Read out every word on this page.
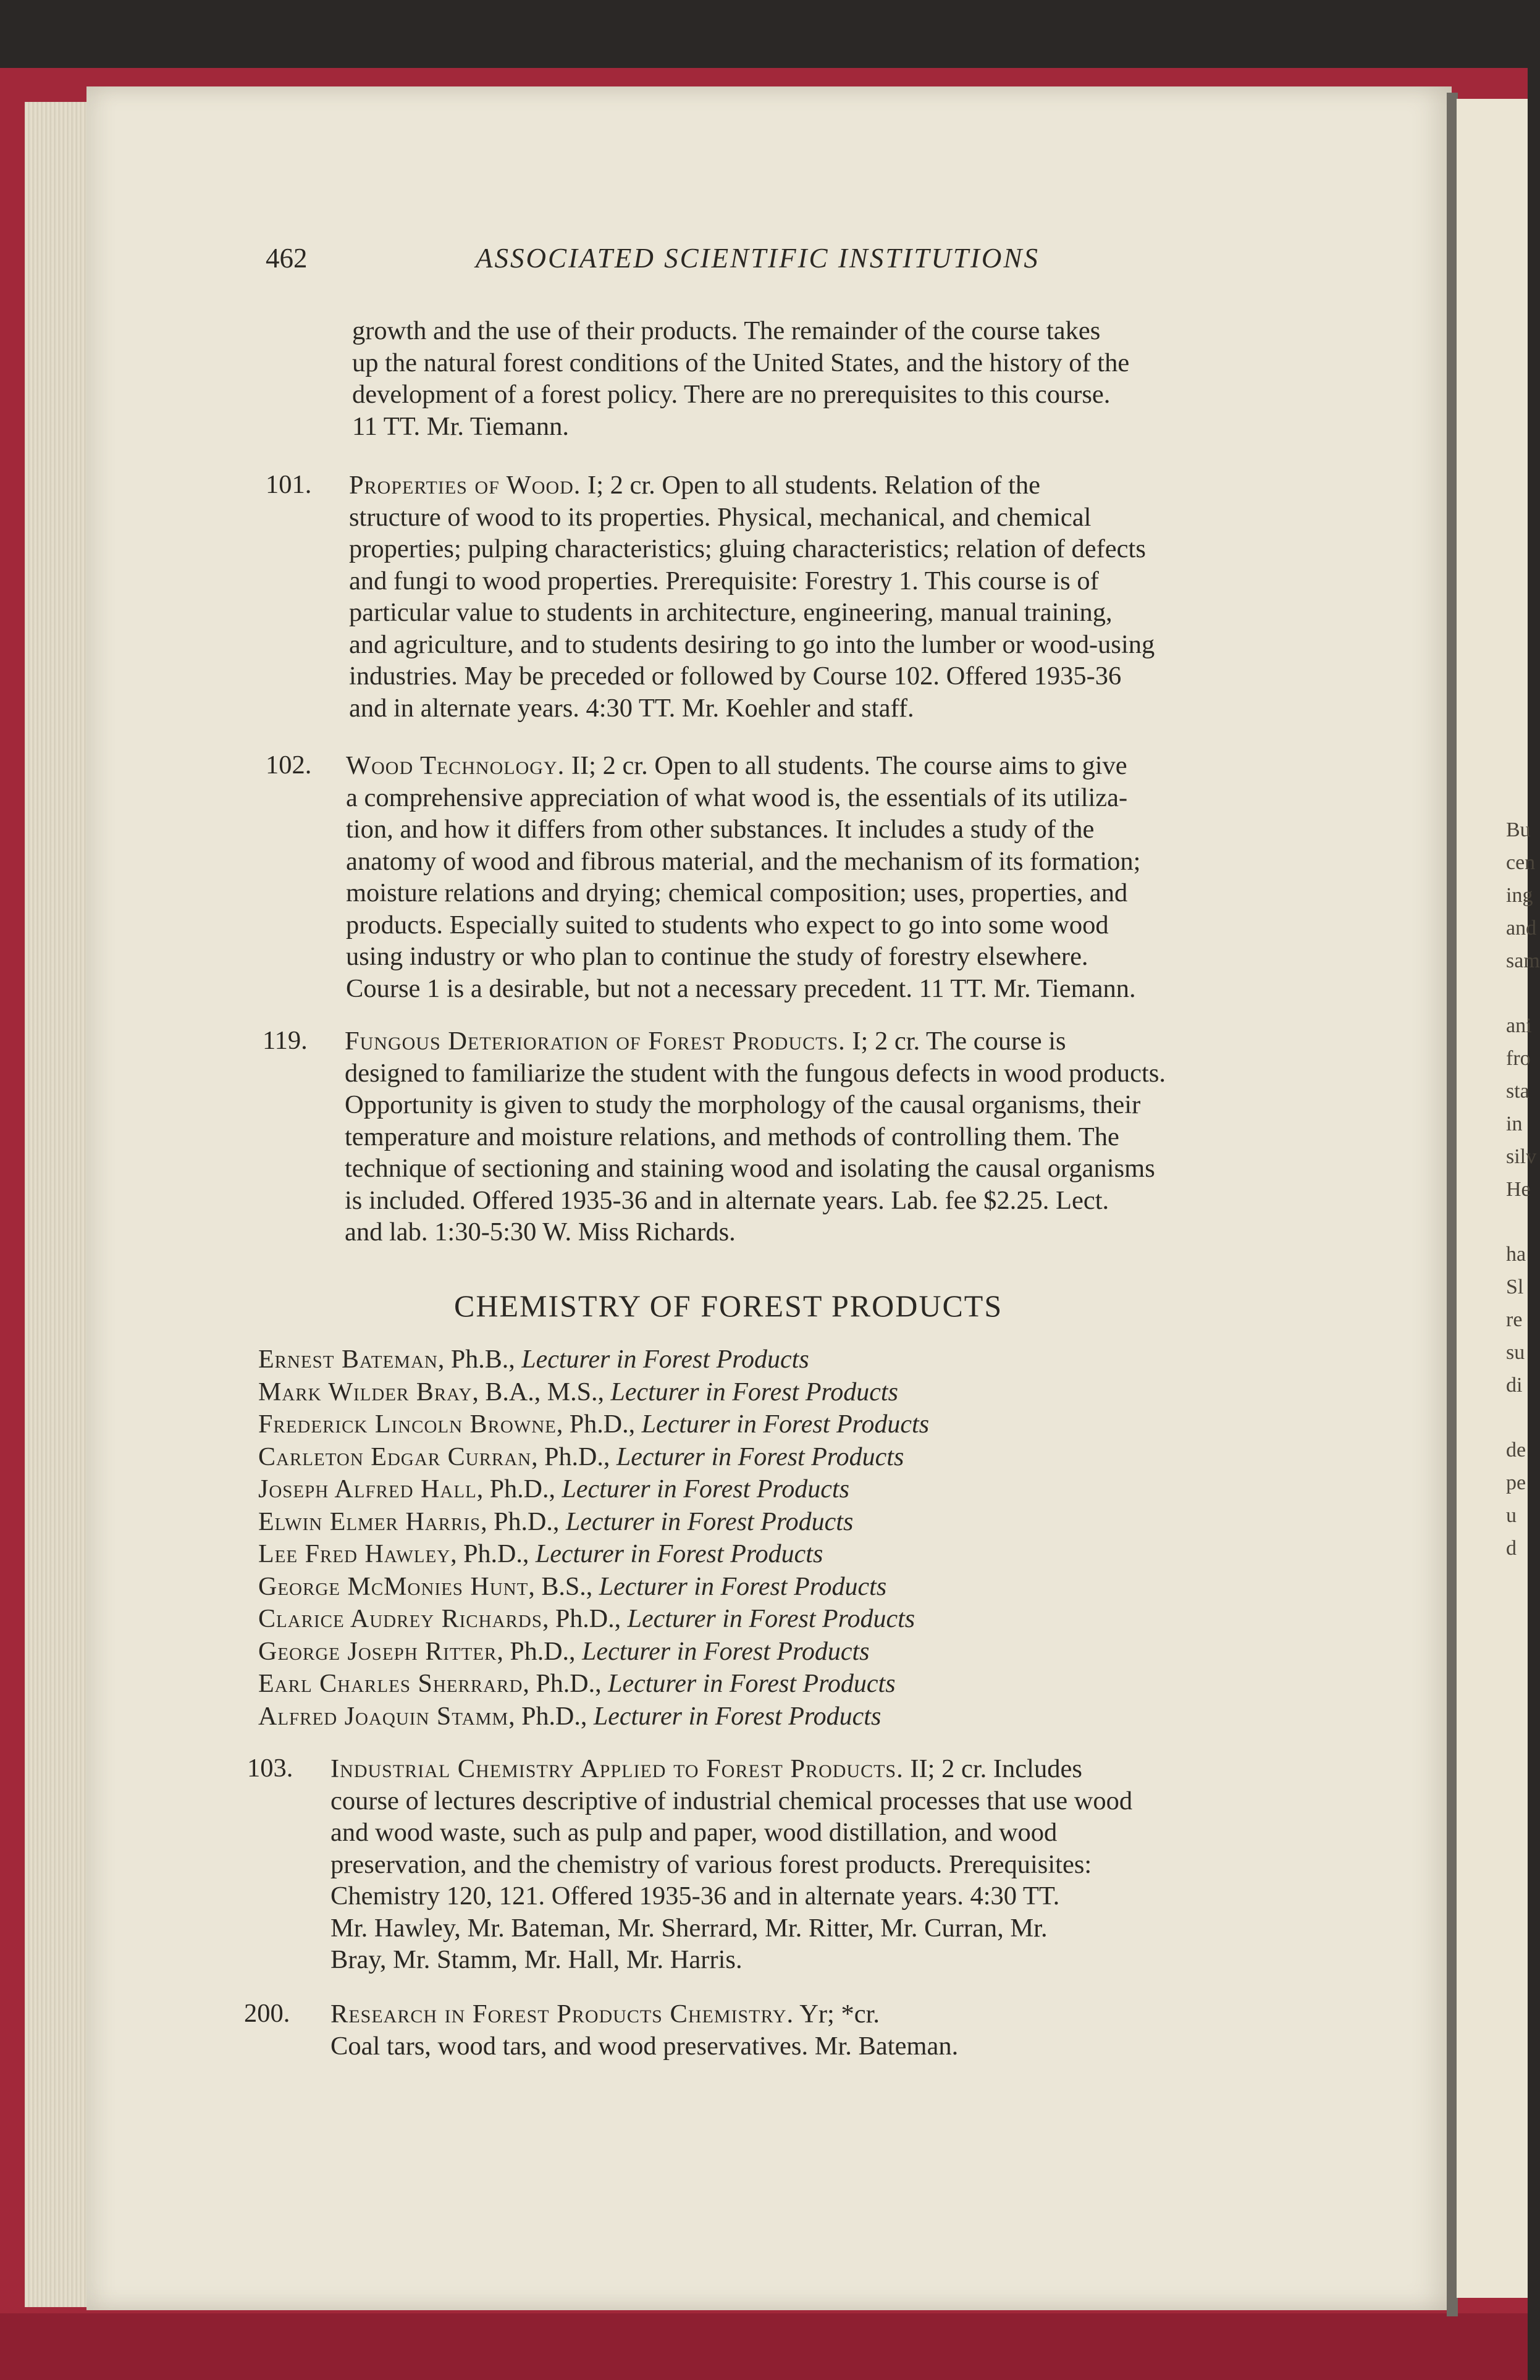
Bu
cen
ing
and
sam
ani
fro
sta
in
silv
He
ha
Sl
re
su
di
de
pe
u
d
462	ASSOCIATED SCIENTIFIC INSTITUTIONS
growth and the use of their products. The remainder of the course takes
up the natural forest conditions of the United States, and the history of the
development of a forest policy. There are no prerequisites to this course.
11 TT. Mr. Tiemann.
101. Properties of Wood. I; 2 cr. Open to all students. Relation of the
structure of wood to its properties. Physical, mechanical, and chemical
properties; pulping characteristics; gluing characteristics; relation of defects
and fungi to wood properties. Prerequisite: Forestry 1. This course is of
particular value to students in architecture, engineering, manual training,
and agriculture, and to students desiring to go into the lumber or wood-using
industries. May be preceded or followed by Course 102. Offered 1935-36
and in alternate years. 4:30 TT. Mr. Koehler and staff.
102. Wood Technology. II; 2 cr. Open to all students. The course aims to give
a comprehensive appreciation of what wood is, the essentials of its utiliza-
tion, and how it differs from other substances. It includes a study of the
anatomy of wood and fibrous material, and the mechanism of its formation;
moisture relations and drying; chemical composition; uses, properties, and
products. Especially suited to students who expect to go into some wood
using industry or who plan to continue the study of forestry elsewhere.
Course 1 is a desirable, but not a necessary precedent. 11 TT. Mr. Tiemann.
119. Fungous Deterioration of Forest Products. I; 2 cr. The course is
designed to familiarize the student with the fungous defects in wood products.
Opportunity is given to study the morphology of the causal organisms, their
temperature and moisture relations, and methods of controlling them. The
technique of sectioning and staining wood and isolating the causal organisms
is included. Offered 1935-36 and in alternate years. Lab. fee $2.25. Lect.
and lab. 1:30-5:30 W. Miss Richards.
CHEMISTRY OF FOREST PRODUCTS
Ernest Bateman, Ph.B., Lecturer in Forest Products
Mark Wilder Bray, B.A., M.S., Lecturer in Forest Products
Frederick Lincoln Browne, Ph.D., Lecturer in Forest Products
Carleton Edgar Curran, Ph.D., Lecturer in Forest Products
Joseph Alfred Hall, Ph.D., Lecturer in Forest Products
Elwin Elmer Harris, Ph.D., Lecturer in Forest Products
Lee Fred Hawley, Ph.D., Lecturer in Forest Products
George McMonies Hunt, B.S., Lecturer in Forest Products
Clarice Audrey Richards, Ph.D., Lecturer in Forest Products
George Joseph Ritter, Ph.D., Lecturer in Forest Products
Earl Charles Sherrard, Ph.D., Lecturer in Forest Products
Alfred Joaquin Stamm, Ph.D., Lecturer in Forest Products
103. Industrial Chemistry Applied to Forest Products. II; 2 cr. Includes
course of lectures descriptive of industrial chemical processes that use wood
and wood waste, such as pulp and paper, wood distillation, and wood
preservation, and the chemistry of various forest products. Prerequisites:
Chemistry 120, 121. Offered 1935-36 and in alternate years. 4:30 TT.
Mr. Hawley, Mr. Bateman, Mr. Sherrard, Mr. Ritter, Mr. Curran, Mr.
Bray, Mr. Stamm, Mr. Hall, Mr. Harris.
200. Research in Forest Products Chemistry. Yr; *cr.
Coal tars, wood tars, and wood preservatives. Mr. Bateman.
